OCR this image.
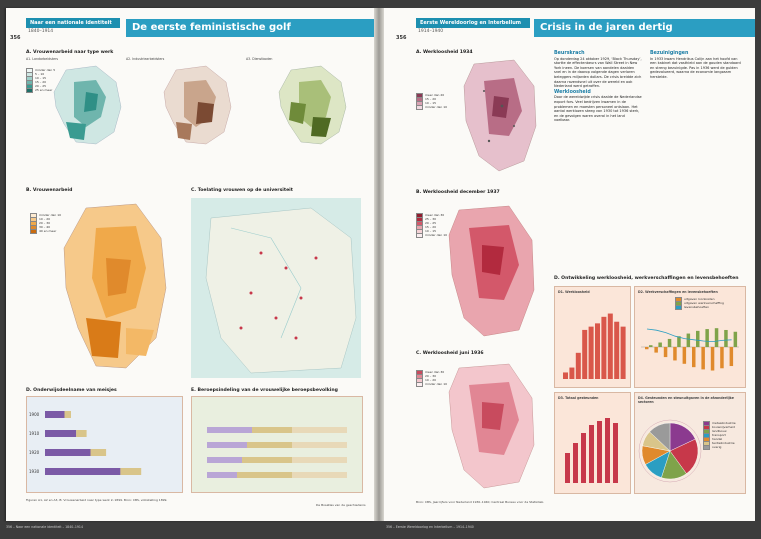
356
Naar een nationale identiteit
1840–1914	De eerste feministische golf
A. Vrouwenarbeid naar type werk
A1. Landarbeidsters	A2. Industriearbeidsters	A3. Dienstboden
minder dan 5
5 – 10
10 – 15
15 – 20
20 – 25
25 en meer
B. Vrouwenarbeid
minder dan 10
10 – 20
20 – 30
30 – 40
40 en meer
C. Toelating vrouwen op de universiteit
D. Onderwijsdeelname van meisjes
1900
1910
1920
1930
E. Beroepsindeling van de vrouwelijke beroepsbevolking
Figuren A1, A2 en A3, B: Vrouwenarbeid naar type werk in 1899. Bron: CBS, volkstelling 1899.
De Bosatlas van de geschiedenis
356
Eerste Wereldoorlog en Interbellum
1914–1940	Crisis in de jaren dertig
A. Werkloosheid 1934
meer dan 20
15 – 20
10 – 15
minder dan 10
B. Werkloosheid december 1937
meer dan 30
25 – 30
20 – 25
15 – 20
10 – 15
minder dan 10
C. Werkloosheid juni 1936
meer dan 30
20 – 30
10 – 20
minder dan 10
Beurskrach

Op donderdag 24 oktober 1929, ‘Black Thursday’, stortte de effectenbeurs van Wall Street in New York ineen. De koersen van aandelen daalden snel en in de daarop volgende dagen verloren beleggers miljarden dollars. De crisis breidde zich daarna razendsnel uit over de wereld en ook Nederland werd getroffen.

Werkloosheid

Door de wereldwijde crisis daalde de Nederlandse export fors. Veel bedrijven kwamen in de problemen en moesten personeel ontslaan. Het aantal werklozen steeg van 1930 tot 1936 sterk, en de gevolgen waren overal in het land voelbaar.

Bezuinigingen

In 1933 kwam Hendrikus Colijn aan het hoofd van een kabinet dat vasthield aan de gouden standaard en streng bezuinigde. Pas in 1936 werd de gulden gedevalueerd, waarna de economie langzaam herstelde.

D. Ontwikkeling werkloosheid, werkverschaffingen en levensbehoeften
D1. Werkloosheid	D2. Werkverschaffingen en levensbehoeften
uitgaven loonkosten
uitgaven werkverschaffing
levensbehoeften
D3. Totaal gesteunden	D4. Gesteunden en steunuitgaven in de afzonderlijke sectoren
metaalindustrie
bouwnijverheid
landbouw
transport
handel
textielindustrie
overig
Bron: CBS, Jaarcijfers voor Nederland 1930–1940; Centraal Bureau voor de Statistiek.
356 – Naar een nationale identiteit – 1840–1914	356 – Eerste Wereldoorlog en Interbellum – 1914–1940
